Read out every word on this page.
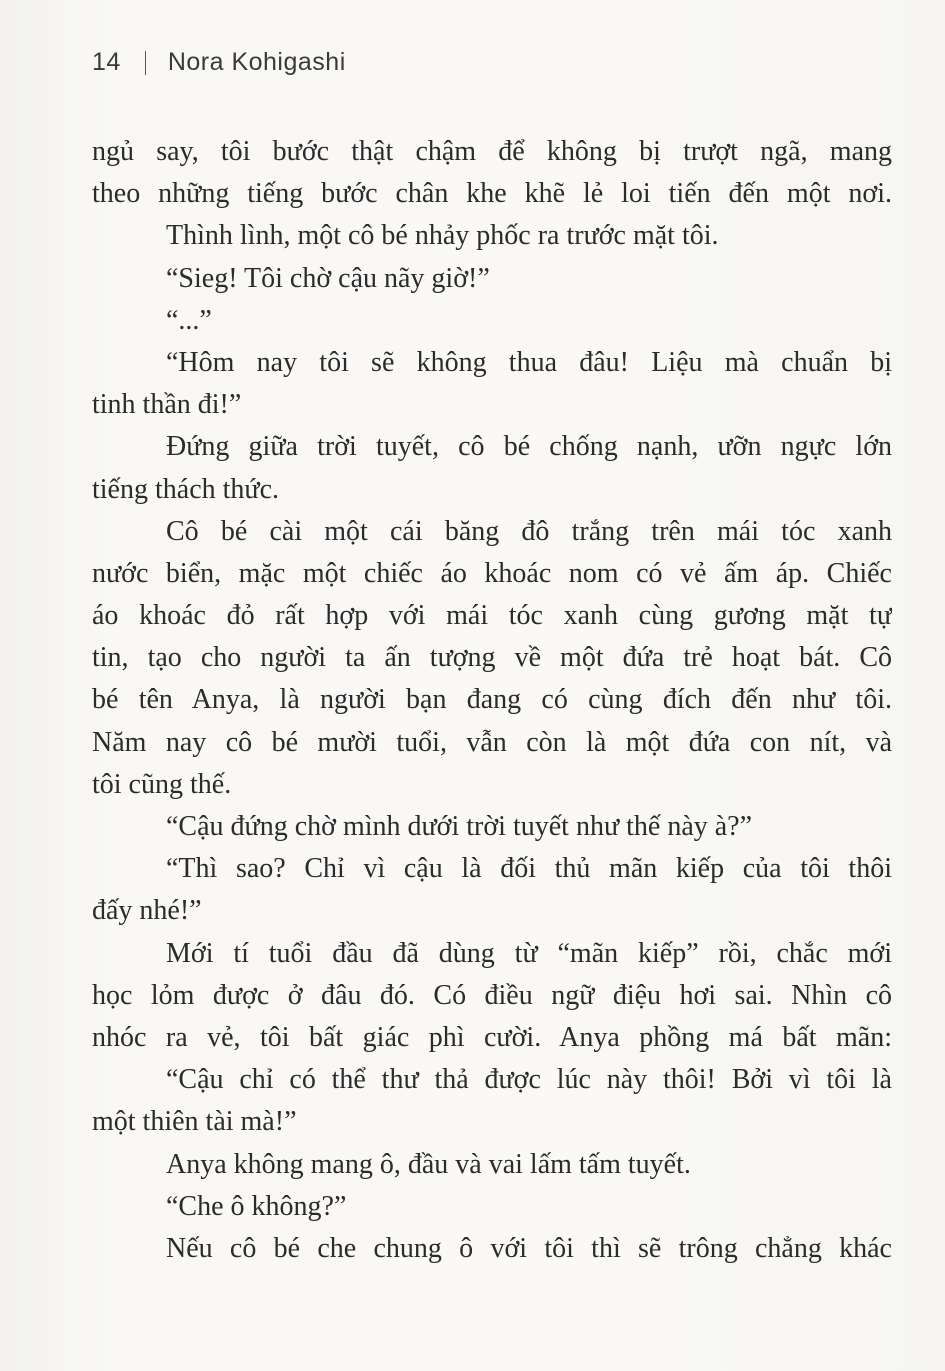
14 Nora Kohigashi
ngủ say, tôi bước thật chậm để không bị trượt ngã, mang
theo những tiếng bước chân khe khẽ lẻ loi tiến đến một nơi.
Thình lình, một cô bé nhảy phốc ra trước mặt tôi.
“Sieg! Tôi chờ cậu nãy giờ!”
“...”
“Hôm nay tôi sẽ không thua đâu! Liệu mà chuẩn bị
tinh thần đi!”
Đứng giữa trời tuyết, cô bé chống nạnh, ưỡn ngực lớn
tiếng thách thức.
Cô bé cài một cái băng đô trắng trên mái tóc xanh
nước biển, mặc một chiếc áo khoác nom có vẻ ấm áp. Chiếc
áo khoác đỏ rất hợp với mái tóc xanh cùng gương mặt tự
tin, tạo cho người ta ấn tượng về một đứa trẻ hoạt bát. Cô
bé tên Anya, là người bạn đang có cùng đích đến như tôi.
Năm nay cô bé mười tuổi, vẫn còn là một đứa con nít, và
tôi cũng thế.
“Cậu đứng chờ mình dưới trời tuyết như thế này à?”
“Thì sao? Chỉ vì cậu là đối thủ mãn kiếp của tôi thôi
đấy nhé!”
Mới tí tuổi đầu đã dùng từ “mãn kiếp” rồi, chắc mới
học lỏm được ở đâu đó. Có điều ngữ điệu hơi sai. Nhìn cô
nhóc ra vẻ, tôi bất giác phì cười. Anya phồng má bất mãn:
“Cậu chỉ có thể thư thả được lúc này thôi! Bởi vì tôi là
một thiên tài mà!”
Anya không mang ô, đầu và vai lấm tấm tuyết.
“Che ô không?”
Nếu cô bé che chung ô với tôi thì sẽ trông chẳng khác
